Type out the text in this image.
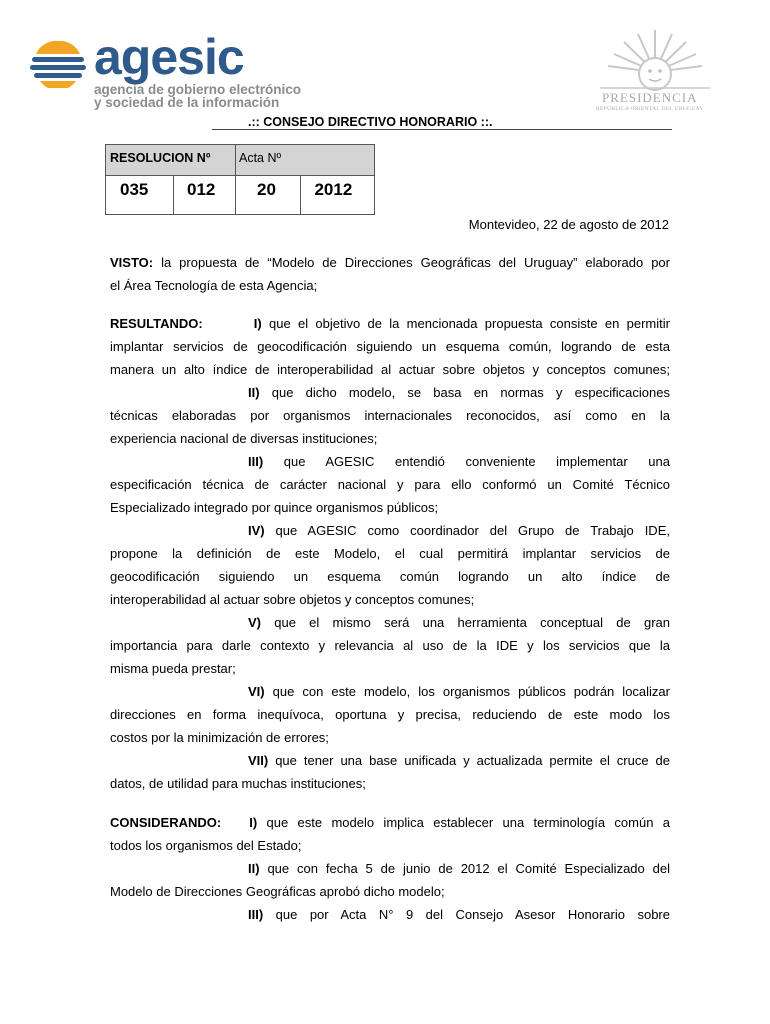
agesic
agencia de gobierno electrónico
y sociedad de la información	PRESIDENCIA
REPÚBLICA ORIENTAL DEL URUGUAY
.:: CONSEJO DIRECTIVO HONORARIO ::.
RESOLUCION Nº		Acta Nº	
035	012	20	2012
Montevideo, 22 de agosto de 2012
VISTO: la propuesta de “Modelo de Direcciones Geográficas del Uruguay” elaborado por
el Área Tecnología de esta Agencia;
RESULTANDO:	I) que el objetivo de la mencionada propuesta consiste en permitir
implantar servicios de geocodificación siguiendo un esquema común, logrando de esta
manera un alto índice de interoperabilidad al actuar sobre objetos y conceptos comunes;
II) que dicho modelo, se basa en normas y especificaciones
técnicas elaboradas por organismos internacionales reconocidos, así como en la
experiencia nacional de diversas instituciones;
III) que AGESIC entendió conveniente implementar una
especificación técnica de carácter nacional y para ello conformó un Comité Técnico
Especializado integrado por quince organismos públicos;
IV) que AGESIC como coordinador del Grupo de Trabajo IDE,
propone la definición de este Modelo, el cual permitirá implantar servicios de
geocodificación siguiendo un esquema común logrando un alto índice de
interoperabilidad al actuar sobre objetos y conceptos comunes;
V) que el mismo será una herramienta conceptual de gran
importancia para darle contexto y relevancia al uso de la IDE y los servicios que la
misma pueda prestar;
VI) que con este modelo, los organismos públicos podrán localizar
direcciones en forma inequívoca, oportuna y precisa, reduciendo de este modo los
costos por la minimización de errores;
VII) que tener una base unificada y actualizada permite el cruce de
datos, de utilidad para muchas instituciones;
CONSIDERANDO: I) que este modelo implica establecer una terminología común a
todos los organismos del Estado;
II) que con fecha 5 de junio de 2012 el Comité Especializado del
Modelo de Direcciones Geográficas aprobó dicho modelo;
III) que por Acta N° 9 del Consejo Asesor Honorario sobre
